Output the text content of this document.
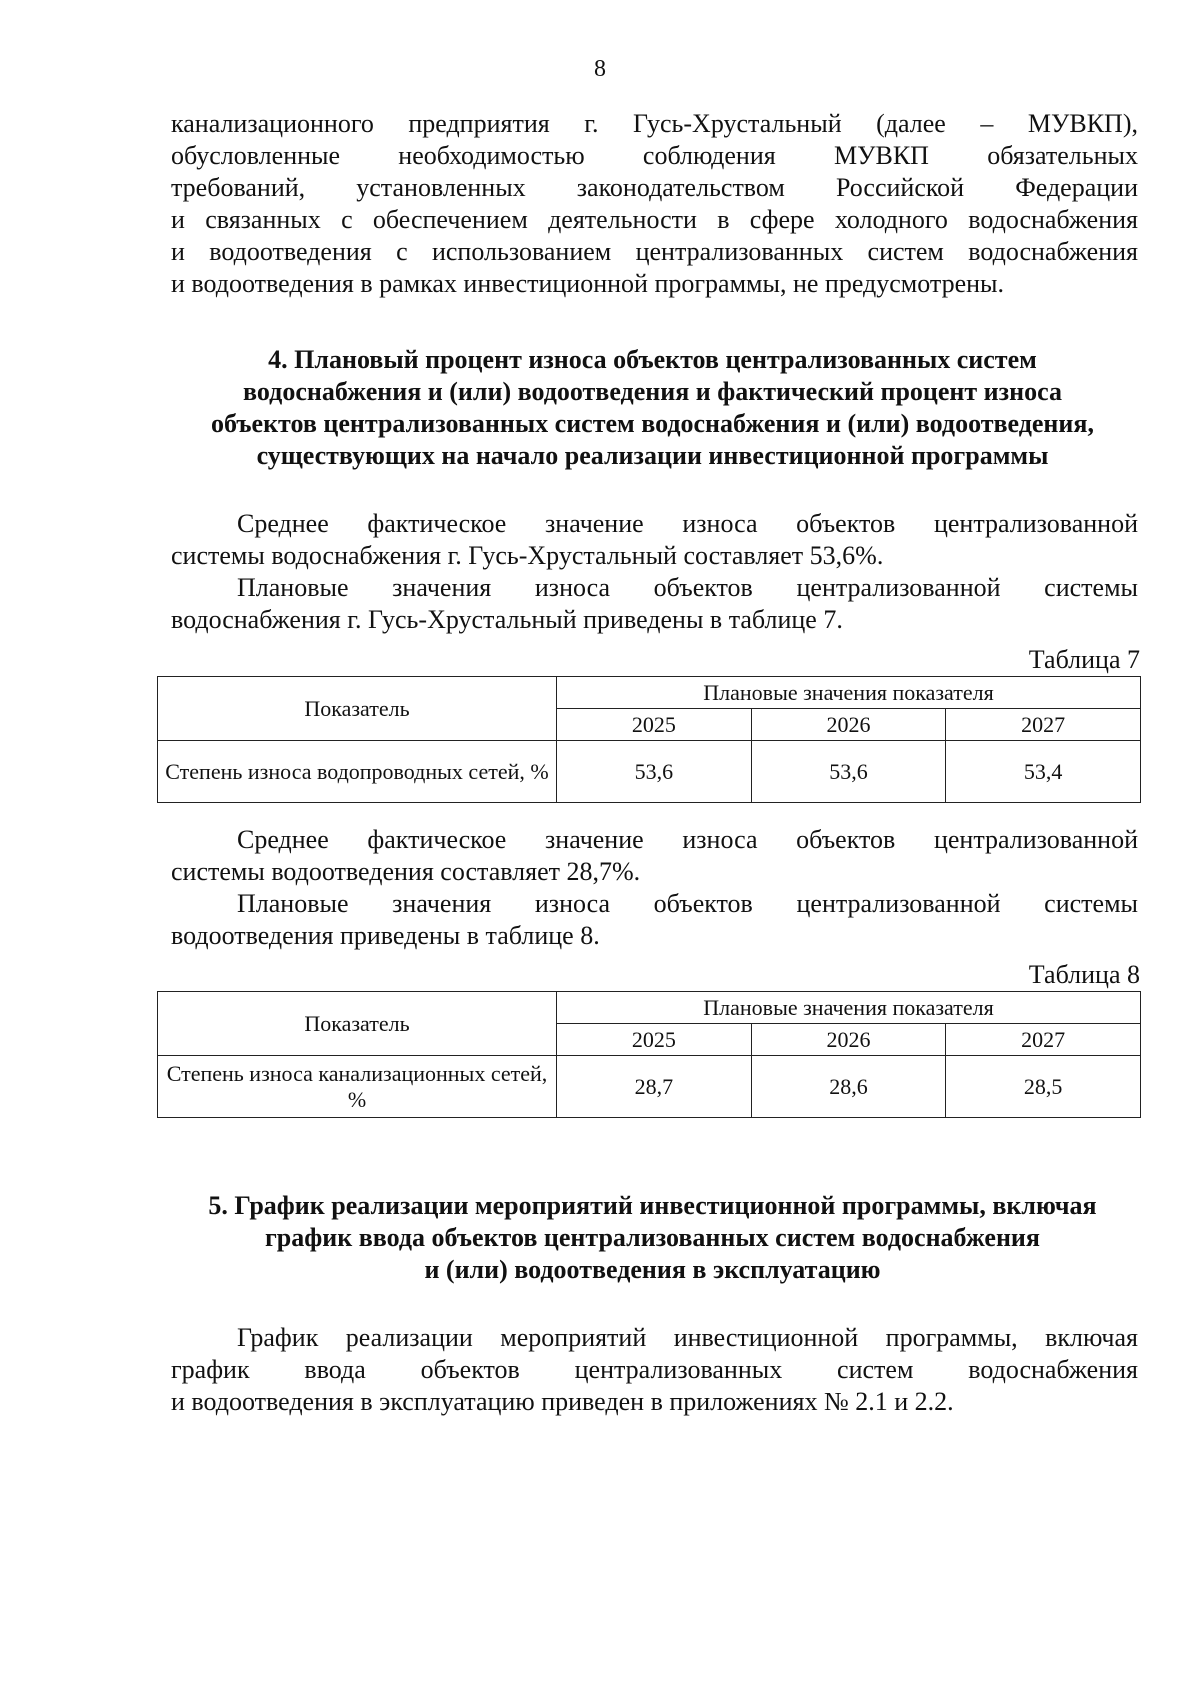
8
канализационного предприятия г. Гусь-Хрустальный (далее – МУВКП),
обусловленные необходимостью соблюдения МУВКП обязательных
требований, установленных законодательством Российской Федерации
и связанных с обеспечением деятельности в сфере холодного водоснабжения
и водоотведения с использованием централизованных систем водоснабжения
и водоотведения в рамках инвестиционной программы, не предусмотрены.
4. Плановый процент износа объектов централизованных систем
водоснабжения и (или) водоотведения и фактический процент износа
объектов централизованных систем водоснабжения и (или) водоотведения,
существующих на начало реализации инвестиционной программы
Среднее фактическое значение износа объектов централизованной
системы водоснабжения г. Гусь-Хрустальный составляет 53,6%.
Плановые значения износа объектов централизованной системы
водоснабжения г. Гусь-Хрустальный приведены в таблице 7.
Таблица 7
Показатель	Плановые значения показателя		
	2025	2026	2027
Степень износа водопроводных сетей, %	53,6	53,6	53,4
Среднее фактическое значение износа объектов централизованной
системы водоотведения составляет 28,7%.
Плановые значения износа объектов централизованной системы
водоотведения приведены в таблице 8.
Таблица 8
Показатель	Плановые значения показателя		
	2025	2026	2027
Степень износа канализационных сетей, %	28,7	28,6	28,5
5. График реализации мероприятий инвестиционной программы, включая
график ввода объектов централизованных систем водоснабжения
и (или) водоотведения в эксплуатацию
График реализации мероприятий инвестиционной программы, включая
график ввода объектов централизованных систем водоснабжения
и водоотведения в эксплуатацию приведен в приложениях № 2.1 и 2.2.
